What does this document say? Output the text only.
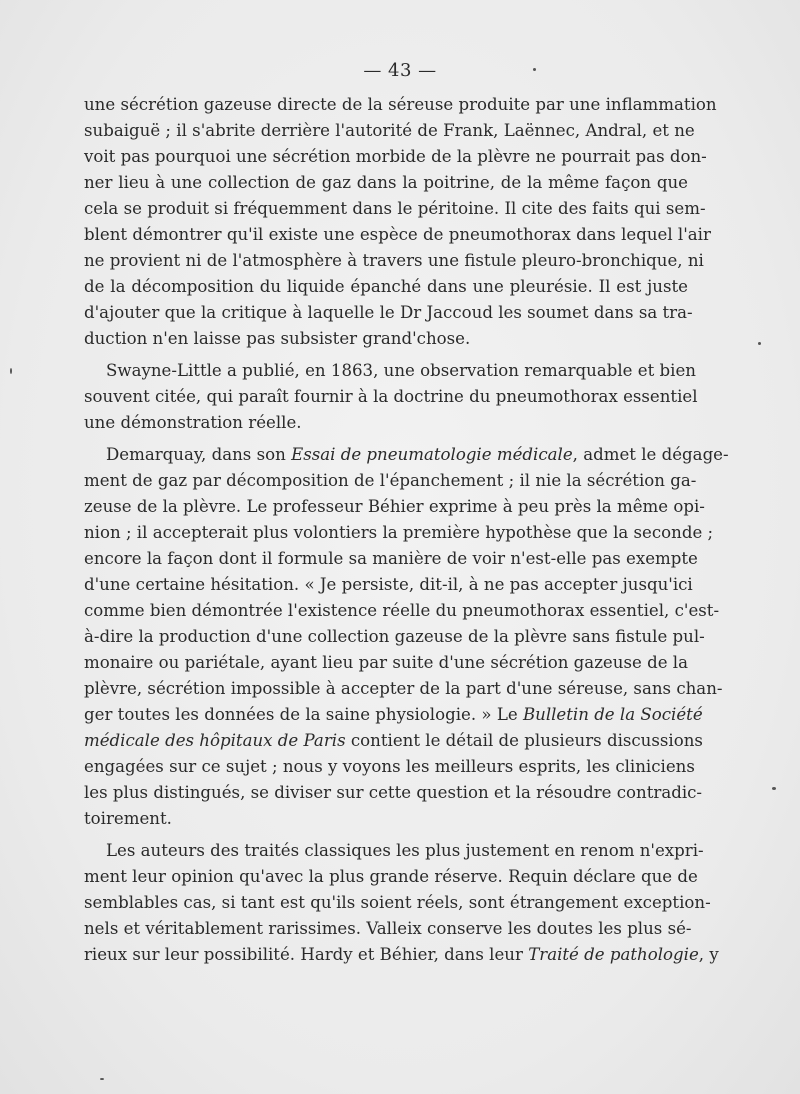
— 43 —
une sécrétion gazeuse directe de la séreuse produite par une inflammation
subaiguë ; il s'abrite derrière l'autorité de Frank, Laënnec, Andral, et ne
voit pas pourquoi une sécrétion morbide de la plèvre ne pourrait pas don-
ner lieu à une collection de gaz dans la poitrine, de la même façon que
cela se produit si fréquemment dans le péritoine. Il cite des faits qui sem-
blent démontrer qu'il existe une espèce de pneumothorax dans lequel l'air
ne provient ni de l'atmosphère à travers une fistule pleuro-bronchique, ni
de la décomposition du liquide épanché dans une pleurésie. Il est juste
d'ajouter que la critique à laquelle le Dr Jaccoud les soumet dans sa tra-
duction n'en laisse pas subsister grand'chose.
Swayne-Little a publié, en 1863, une observation remarquable et bien
souvent citée, qui paraît fournir à la doctrine du pneumothorax essentiel
une démonstration réelle.
Demarquay, dans son Essai de pneumatologie médicale, admet le dégage-
ment de gaz par décomposition de l'épanchement ; il nie la sécrétion ga-
zeuse de la plèvre. Le professeur Béhier exprime à peu près la même opi-
nion ; il accepterait plus volontiers la première hypothèse que la seconde ;
encore la façon dont il formule sa manière de voir n'est-elle pas exempte
d'une certaine hésitation. « Je persiste, dit-il, à ne pas accepter jusqu'ici
comme bien démontrée l'existence réelle du pneumothorax essentiel, c'est-
à-dire la production d'une collection gazeuse de la plèvre sans fistule pul-
monaire ou pariétale, ayant lieu par suite d'une sécrétion gazeuse de la
plèvre, sécrétion impossible à accepter de la part d'une séreuse, sans chan-
ger toutes les données de la saine physiologie. » Le Bulletin de la Société
médicale des hôpitaux de Paris contient le détail de plusieurs discussions
engagées sur ce sujet ; nous y voyons les meilleurs esprits, les cliniciens
les plus distingués, se diviser sur cette question et la résoudre contradic-
toirement.
Les auteurs des traités classiques les plus justement en renom n'expri-
ment leur opinion qu'avec la plus grande réserve. Requin déclare que de
semblables cas, si tant est qu'ils soient réels, sont étrangement exception-
nels et véritablement rarissimes. Valleix conserve les doutes les plus sé-
rieux sur leur possibilité. Hardy et Béhier, dans leur Traité de pathologie, y
